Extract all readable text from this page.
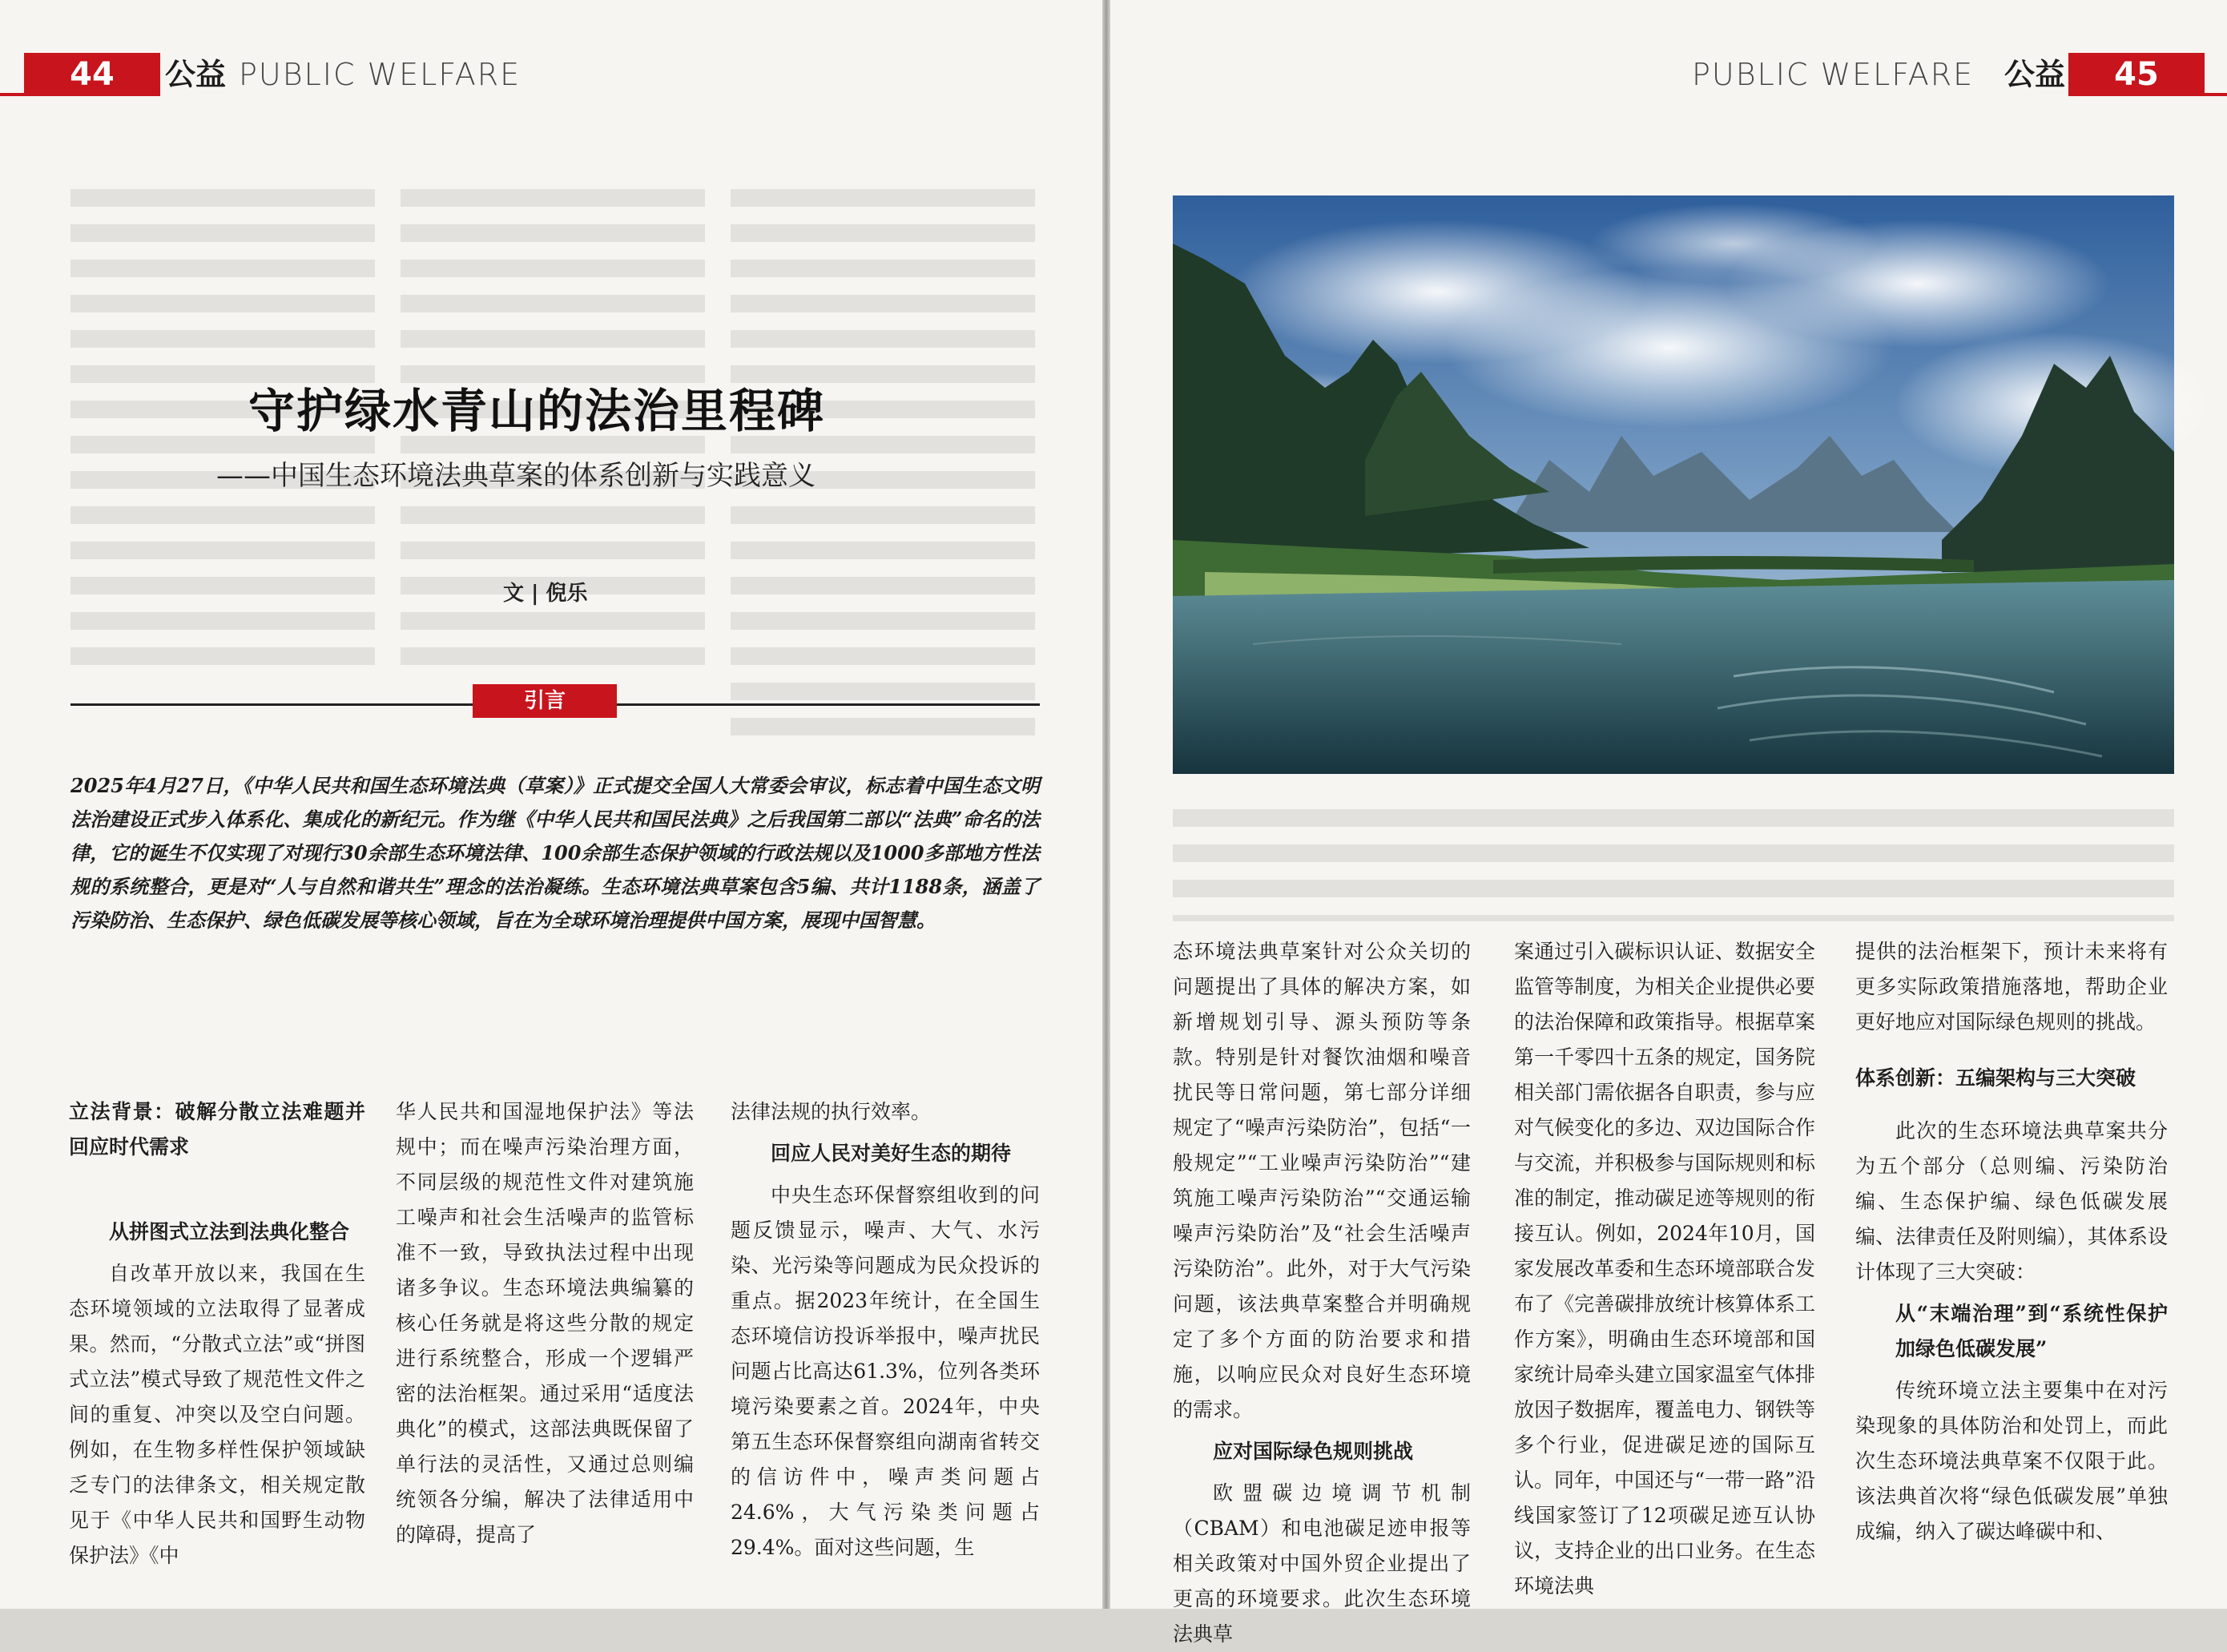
44	公益 PUBLIC WELFARE
守护绿水青山的法治里程碑
——中国生态环境法典草案的体系创新与实践意义
文 | 倪乐
引言
2025年4月27日，《中华人民共和国生态环境法典（草案）》正式提交全国人大常委会审议，标志着中国生态文明法治建设正式步入体系化、集成化的新纪元。作为继《中华人民共和国民法典》之后我国第二部以“法典”命名的法律，它的诞生不仅实现了对现行30余部生态环境法律、100余部生态保护领域的行政法规以及1000多部地方性法规的系统整合，更是对“人与自然和谐共生”理念的法治凝练。生态环境法典草案包含5编、共计1188条，涵盖了污染防治、生态保护、绿色低碳发展等核心领域，旨在为全球环境治理提供中国方案，展现中国智慧。

立法背景：破解分散立法难题并回应时代需求

从拼图式立法到法典化整合

自改革开放以来，我国在生态环境领域的立法取得了显著成果。然而，“分散式立法”或“拼图式立法”模式导致了规范性文件之间的重复、冲突以及空白问题。例如，在生物多样性保护领域缺乏专门的法律条文，相关规定散见于《中华人民共和国野生动物保护法》《中

华人民共和国湿地保护法》等法规中；而在噪声污染治理方面，不同层级的规范性文件对建筑施工噪声和社会生活噪声的监管标准不一致，导致执法过程中出现诸多争议。生态环境法典编纂的核心任务就是将这些分散的规定进行系统整合，形成一个逻辑严密的法治框架。通过采用“适度法典化”的模式，这部法典既保留了单行法的灵活性，又通过总则编统领各分编，解决了法律适用中的障碍，提高了

法律法规的执行效率。

回应人民对美好生态的期待

中央生态环保督察组收到的问题反馈显示，噪声、大气、水污染、光污染等问题成为民众投诉的重点。据2023年统计，在全国生态环境信访投诉举报中，噪声扰民问题占比高达61.3%，位列各类环境污染要素之首。2024年，中央第五生态环保督察组向湖南省转交的信访件中，噪声类问题占24.6%，大气污染类问题占29.4%。面对这些问题，生

PUBLIC WELFARE 公益	45

态环境法典草案针对公众关切的问题提出了具体的解决方案，如新增规划引导、源头预防等条款。特别是针对餐饮油烟和噪音扰民等日常问题，第七部分详细规定了“噪声污染防治”，包括“一般规定”“工业噪声污染防治”“建筑施工噪声污染防治”“交通运输噪声污染防治”及“社会生活噪声污染防治”。此外，对于大气污染问题，该法典草案整合并明确规定了多个方面的防治要求和措施，以响应民众对良好生态环境的需求。

应对国际绿色规则挑战

欧盟碳边境调节机制（CBAM）和电池碳足迹申报等相关政策对中国外贸企业提出了更高的环境要求。此次生态环境法典草

案通过引入碳标识认证、数据安全监管等制度，为相关企业提供必要的法治保障和政策指导。根据草案第一千零四十五条的规定，国务院相关部门需依据各自职责，参与应对气候变化的多边、双边国际合作与交流，并积极参与国际规则和标准的制定，推动碳足迹等规则的衔接互认。例如，2024年10月，国家发展改革委和生态环境部联合发布了《完善碳排放统计核算体系工作方案》，明确由生态环境部和国家统计局牵头建立国家温室气体排放因子数据库，覆盖电力、钢铁等多个行业，促进碳足迹的国际互认。同年，中国还与“一带一路”沿线国家签订了12项碳足迹互认协议，支持企业的出口业务。在生态环境法典

提供的法治框架下，预计未来将有更多实际政策措施落地，帮助企业更好地应对国际绿色规则的挑战。

体系创新：五编架构与三大突破

此次的生态环境法典草案共分为五个部分（总则编、污染防治编、生态保护编、绿色低碳发展编、法律责任及附则编），其体系设计体现了三大突破：

从“末端治理”到“系统性保护加绿色低碳发展”

传统环境立法主要集中在对污染现象的具体防治和处罚上，而此次生态环境法典草案不仅限于此。该法典首次将“绿色低碳发展”单独成编，纳入了碳达峰碳中和、
